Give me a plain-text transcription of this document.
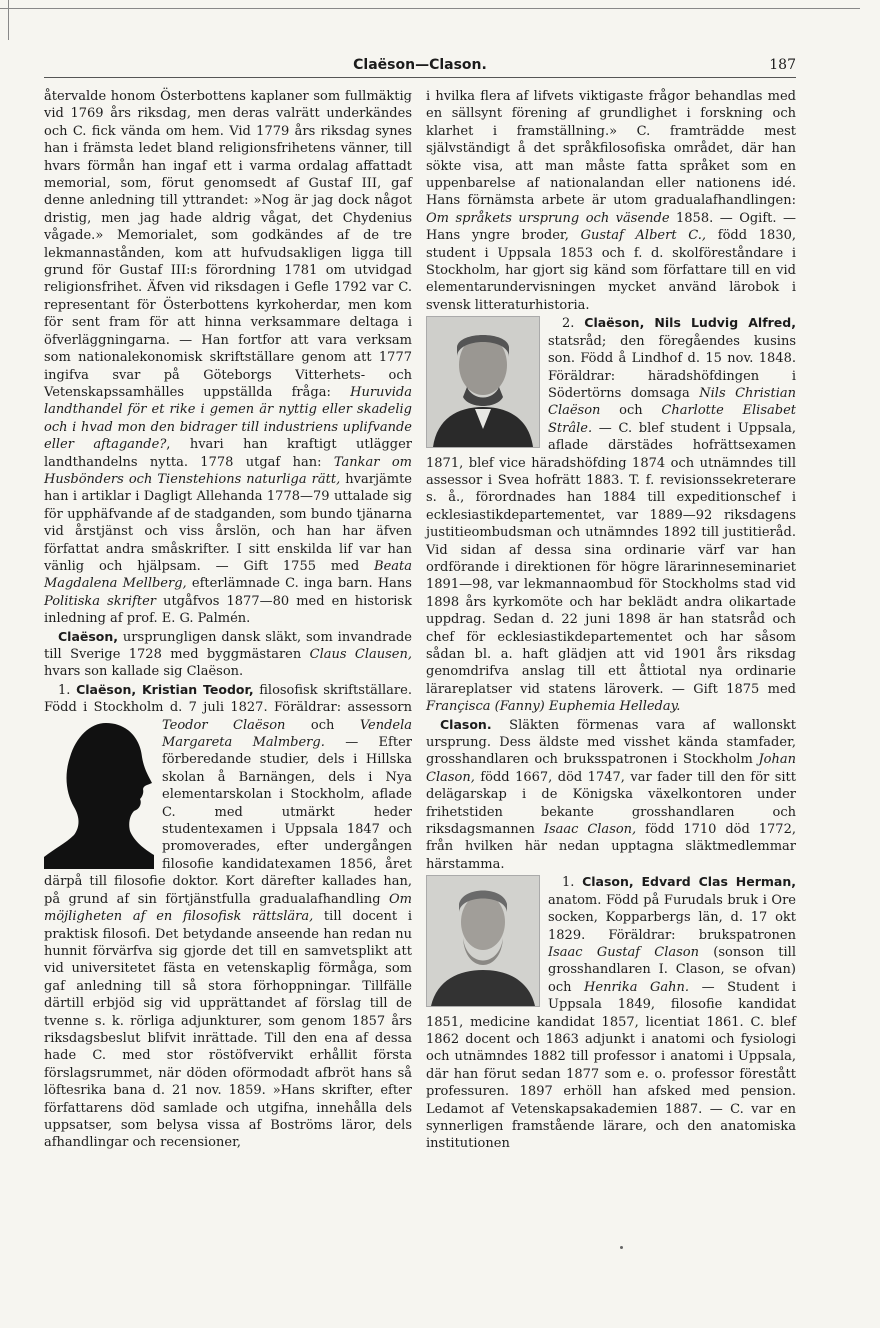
Claëson—Clason.	187

återvalde honom Österbottens kaplaner som fullmäktig vid 1769 års riksdag, men deras valrätt underkändes och C. fick vända om hem. Vid 1779 års riksdag synes han i främsta ledet bland religionsfrihetens vänner, till hvars förmån han ingaf ett i varma ordalag affattadt memorial, som, förut genomsedt af Gustaf III, gaf denne anledning till yttrandet: »Nog är jag dock något dristig, men jag hade aldrig vågat, det Chydenius vågade.» Memorialet, som godkändes af de tre lekmannastånden, kom att hufvudsakligen ligga till grund för Gustaf III:s förordning 1781 om utvidgad religionsfrihet. Äfven vid riksdagen i Gefle 1792 var C. representant för Österbottens kyrkoherdar, men kom för sent fram för att hinna verksammare deltaga i öfverläggningarna. — Han fortfor att vara verksam som nationalekonomisk skriftställare genom att 1777 ingifva svar på Göteborgs Vitterhets- och Vetenskapssamhälles uppställda fråga: Huruvida landthandel för et rike i gemen är nyttig eller skadelig och i hvad mon den bidrager till industriens uplifvande eller aftagande?, hvari han kraftigt utlägger landthandelns nytta. 1778 utgaf han: Tankar om Husbönders och Tienstehions naturliga rätt, hvarjämte han i artiklar i Dagligt Allehanda 1778—79 uttalade sig för upphäfvande af de stadganden, som bundo tjänarna vid årstjänst och viss årslön, och han har äfven författat andra småskrifter. I sitt enskilda lif var han vänlig och hjälpsam. — Gift 1755 med Beata Magdalena Mellberg, efterlämnade C. inga barn. Hans Politiska skrifter utgåfvos 1877—80 med en historisk inledning af prof. E. G. Palmén.

Claëson, ursprungligen dansk släkt, som invandrade till Sverige 1728 med byggmästaren Claus Clausen, hvars son kallade sig Claëson.

1. Claëson, Kristian Teodor, filosofisk skriftställare. Född i Stockholm d. 7 juli 1827. Föräldrar: assessorn
Teodor Claëson och Vendela Margareta Malmberg. — Efter förberedande studier, dels i Hillska skolan å Barnängen, dels i Nya elementarskolan i Stockholm, aflade C. med utmärkt heder studentexamen i Uppsala 1847 och promoverades, efter undergången filosofie kandidatexamen 1856, året därpå till filosofie doktor. Kort därefter kallades han, på grund af sin förtjänstfulla gradualafhandling Om möjligheten af en filosofisk rättslära, till docent i praktisk filosofi. Det betydande anseende han redan nu hunnit förvärfva sig gjorde det till en samvetsplikt att vid universitetet fästa en vetenskaplig förmåga, som gaf anledning till så stora förhoppningar. Tillfälle därtill erbjöd sig vid upprättandet af förslag till de tvenne s. k. rörliga adjunkturer, som genom 1857 års riksdagsbeslut blifvit inrättade. Till den ena af dessa hade C. med stor röstöfvervikt erhållit första förslagsrummet, när döden oförmodadt afbröt hans så löftesrika bana d. 21 nov. 1859. »Hans skrifter, efter författarens död samlade och utgifna, innehålla dels uppsatser, som belysa vissa af Boströms läror, dels afhandlingar och recensioner,

i hvilka flera af lifvets viktigaste frågor behandlas med en sällsynt förening af grundlighet i forskning och klarhet i framställning.» C. framträdde mest självständigt å det språkfilosofiska området, där han sökte visa, att man måste fatta språket som en uppenbarelse af nationalandan eller nationens idé. Hans förnämsta arbete är utom gradualafhandlingen: Om språkets ursprung och väsende 1858. — Ogift. — Hans yngre broder, Gustaf Albert C., född 1830, student i Uppsala 1853 och f. d. skolföreståndare i Stockholm, har gjort sig känd som författare till en vid elementarundervisningen mycket använd lärobok i svensk litteraturhistoria.

2. Claëson, Nils Ludvig Alfred,
statsråd; den föregåendes kusins son. Född å Lindhof d. 15 nov. 1848. Föräldrar: häradshöfdingen i Södertörns domsaga Nils Christian Claëson och Charlotte Elisabet Strâle. — C. blef student i Uppsala, aflade därstädes hofrättsexamen 1871, blef vice häradshöfding 1874 och utnämndes till assessor i Svea hofrätt 1883. T. f. revisionssekreterare s. å., förordnades han 1884 till expeditionschef i ecklesiastikdepartementet, var 1889—92 riksdagens justitieombudsman och utnämndes 1892 till justitieråd. Vid sidan af dessa sina ordinarie värf var han ordförande i direktionen för högre lärarinneseminariet 1891—98, var lekmannaombud för Stockholms stad vid 1898 års kyrkomöte och har beklädt andra olikartade uppdrag. Sedan d. 22 juni 1898 är han statsråd och chef för ecklesiastikdepartementet och har såsom sådan bl. a. haft glädjen att vid 1901 års riksdag genomdrifva anslag till ett åttiotal nya ordinarie lärareplatser vid statens läroverk. — Gift 1875 med Françisca (Fanny) Euphemia Helleday.

Clason. Släkten förmenas vara af wallonskt ursprung. Dess äldste med visshet kända stamfader, grosshandlaren och bruksspatronen i Stockholm Johan Clason, född 1667, död 1747, var fader till den för sitt delägarskap i de Königska växelkontoren under frihetstiden bekante grosshandlaren och riksdagsmannen Isaac Clason, född 1710 död 1772, från hvilken här nedan upptagna släktmedlemmar härstamma.

1. Clason, Edvard Clas Herman,
anatom. Född på Furudals bruk i Ore socken, Kopparbergs län, d. 17 okt 1829. Föräldrar: brukspatronen Isaac Gustaf Clason (sonson till grosshandlaren I. Clason, se ofvan) och Henrika Gahn. — Student i Uppsala 1849, filosofie kandidat 1851, medicine kandidat 1857, licentiat 1861. C. blef 1862 docent och 1863 adjunkt i anatomi och fysiologi och utnämndes 1882 till professor i anatomi i Uppsala, där han förut sedan 1877 som e. o. professor förestått professuren. 1897 erhöll han afsked med pension. Ledamot af Vetenskapsakademien 1887. — C. var en synnerligen framstående lärare, och den anatomiska institutionen
